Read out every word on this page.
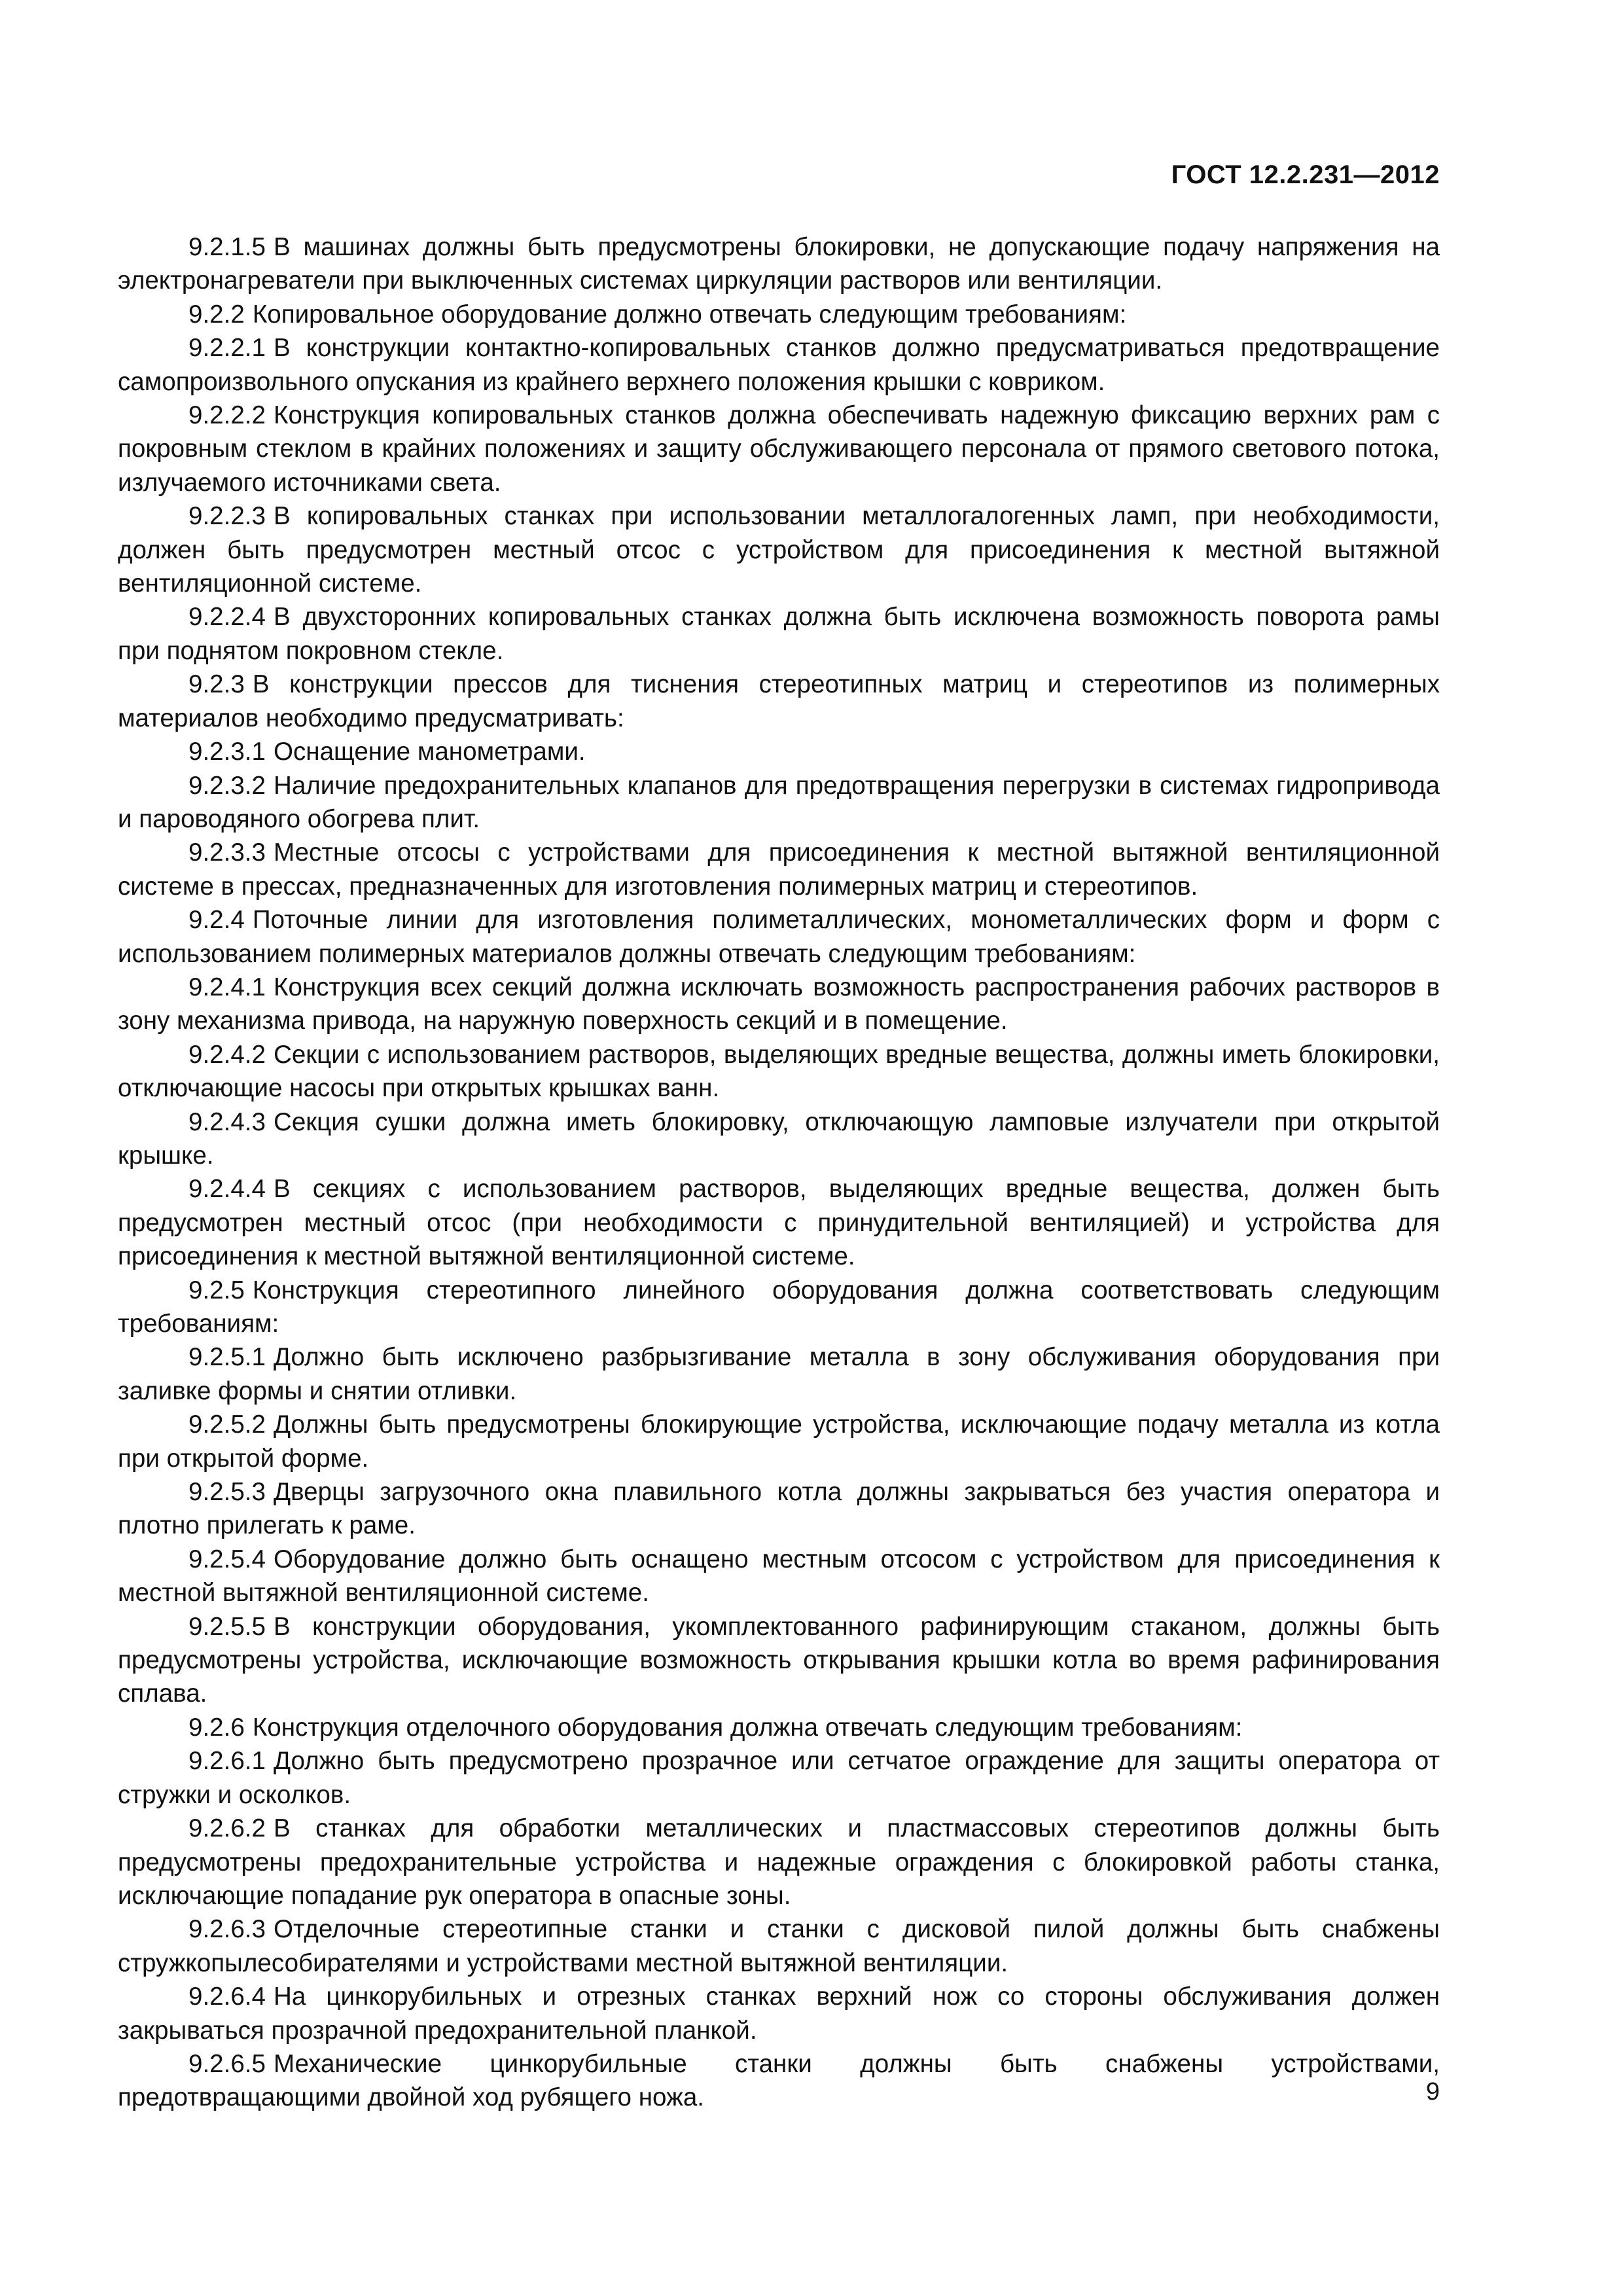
ГОСТ 12.2.231—2012

9.2.1.5 В машинах должны быть предусмотрены блокировки, не допускающие подачу напряжения на электронагреватели при выключенных системах циркуляции растворов или вентиляции.

9.2.2 Копировальное оборудование должно отвечать следующим требованиям:

9.2.2.1 В конструкции контактно-копировальных станков должно предусматриваться предотвращение самопроизвольного опускания из крайнего верхнего положения крышки с ковриком.

9.2.2.2 Конструкция копировальных станков должна обеспечивать надежную фиксацию верхних рам с покровным стеклом в крайних положениях и защиту обслуживающего персонала от прямого светового потока, излучаемого источниками света.

9.2.2.3 В копировальных станках при использовании металлогалогенных ламп, при необходимости, должен быть предусмотрен местный отсос с устройством для присоединения к местной вытяжной вентиляционной системе.

9.2.2.4 В двухсторонних копировальных станках должна быть исключена возможность поворота рамы при поднятом покровном стекле.

9.2.3 В конструкции прессов для тиснения стереотипных матриц и стереотипов из полимерных материалов необходимо предусматривать:

9.2.3.1 Оснащение манометрами.

9.2.3.2 Наличие предохранительных клапанов для предотвращения перегрузки в системах гидропривода и пароводяного обогрева плит.

9.2.3.3 Местные отсосы с устройствами для присоединения к местной вытяжной вентиляционной системе в прессах, предназначенных для изготовления полимерных матриц и стереотипов.

9.2.4 Поточные линии для изготовления полиметаллических, монометаллических форм и форм с использованием полимерных материалов должны отвечать следующим требованиям:

9.2.4.1 Конструкция всех секций должна исключать возможность распространения рабочих растворов в зону механизма привода, на наружную поверхность секций и в помещение.

9.2.4.2 Секции с использованием растворов, выделяющих вредные вещества, должны иметь блокировки, отключающие насосы при открытых крышках ванн.

9.2.4.3 Секция сушки должна иметь блокировку, отключающую ламповые излучатели при открытой крышке.

9.2.4.4 В секциях с использованием растворов, выделяющих вредные вещества, должен быть предусмотрен местный отсос (при необходимости с принудительной вентиляцией) и устройства для присоединения к местной вытяжной вентиляционной системе.

9.2.5 Конструкция стереотипного линейного оборудования должна соответствовать следующим требованиям:

9.2.5.1 Должно быть исключено разбрызгивание металла в зону обслуживания оборудования при заливке формы и снятии отливки.

9.2.5.2 Должны быть предусмотрены блокирующие устройства, исключающие подачу металла из котла при открытой форме.

9.2.5.3 Дверцы загрузочного окна плавильного котла должны закрываться без участия оператора и плотно прилегать к раме.

9.2.5.4 Оборудование должно быть оснащено местным отсосом с устройством для присоединения к местной вытяжной вентиляционной системе.

9.2.5.5 В конструкции оборудования, укомплектованного рафинирующим стаканом, должны быть предусмотрены устройства, исключающие возможность открывания крышки котла во время рафинирования сплава.

9.2.6 Конструкция отделочного оборудования должна отвечать следующим требованиям:

9.2.6.1 Должно быть предусмотрено прозрачное или сетчатое ограждение для защиты оператора от стружки и осколков.

9.2.6.2 В станках для обработки металлических и пластмассовых стереотипов должны быть предусмотрены предохранительные устройства и надежные ограждения с блокировкой работы станка, исключающие попадание рук оператора в опасные зоны.

9.2.6.3 Отделочные стереотипные станки и станки с дисковой пилой должны быть снабжены стружкопылесобирателями и устройствами местной вытяжной вентиляции.

9.2.6.4 На цинкорубильных и отрезных станках верхний нож со стороны обслуживания должен закрываться прозрачной предохранительной планкой.

9.2.6.5 Механические цинкорубильные станки должны быть снабжены устройствами, предотвращающими двойной ход рубящего ножа.	9
